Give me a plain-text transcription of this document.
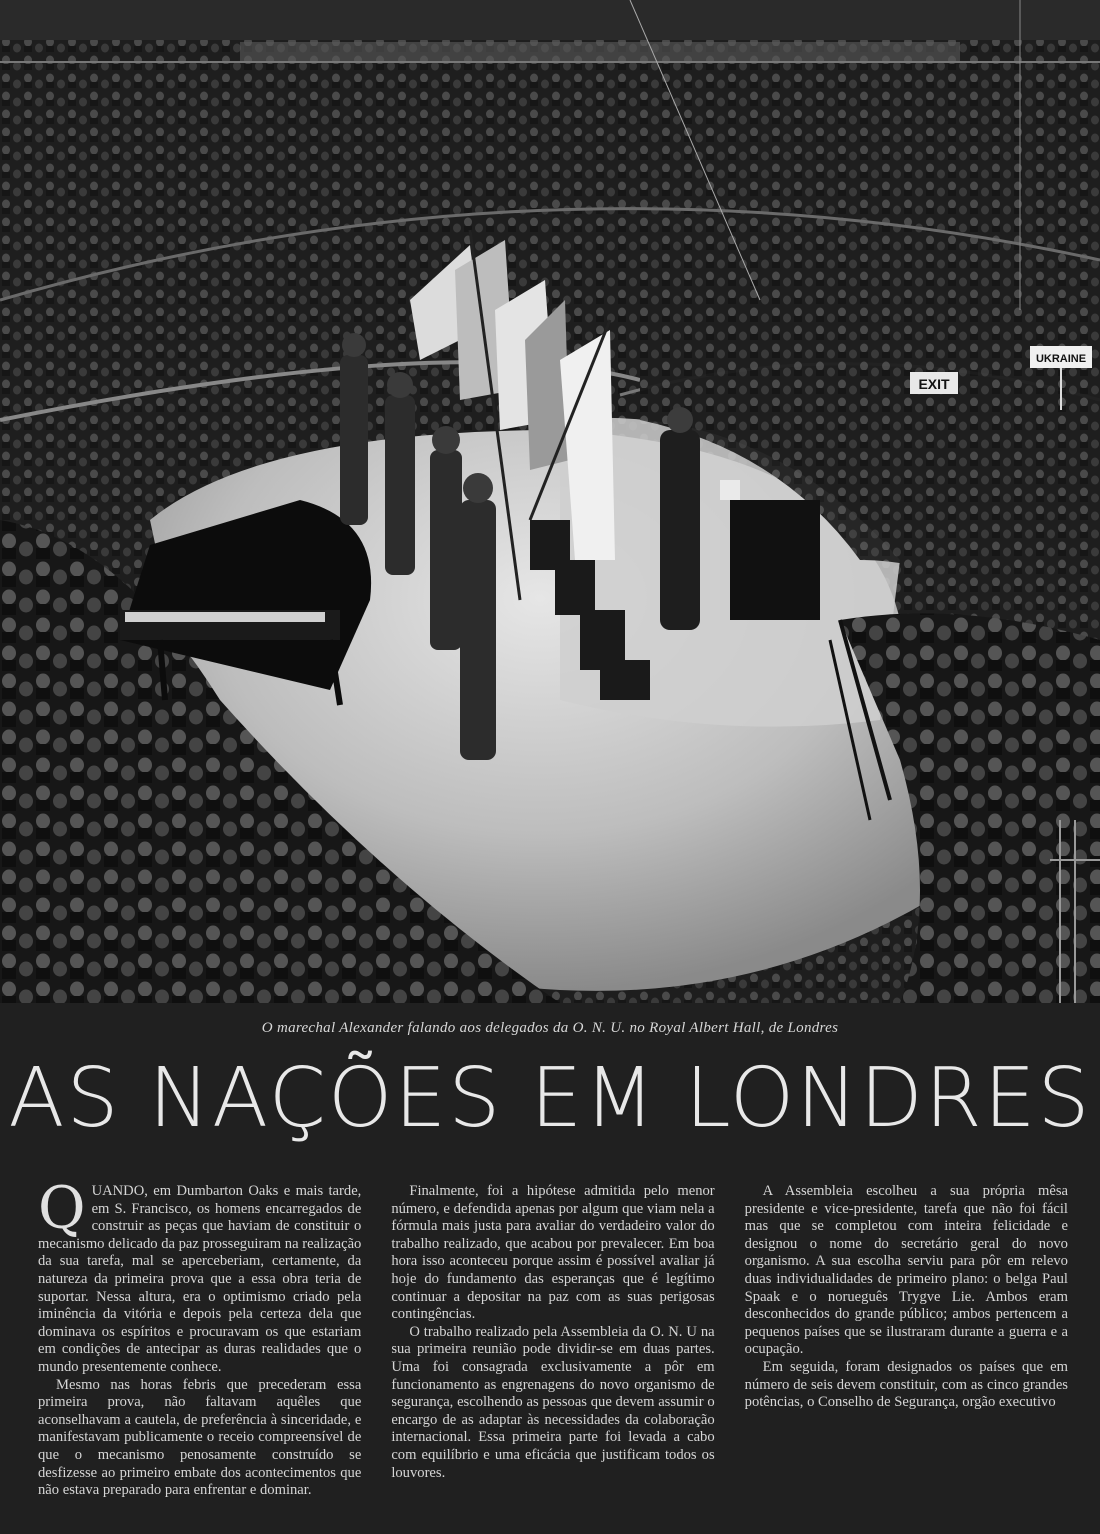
EXIT
UKRAINE
O marechal Alexander falando aos delegados da O. N. U. no Royal Albert Hall, de Londres
AS NAÇÕES EM LONDRES

QUANDO, em Dumbarton Oaks e mais tarde, em S. Francisco, os homens encarregados de construir as peças que haviam de constituir o mecanismo delicado da paz prosseguiram na realização da sua tarefa, mal se aperceberiam, certamente, da natureza da primeira prova que a essa obra teria de suportar. Nessa altura, era o optimismo criado pela iminência da vitória e depois pela certeza dela que dominava os espíritos e procuravam os que estariam em condições de antecipar as duras realidades que o mundo presentemente conhece.

Mesmo nas horas febris que precederam essa primeira prova, não faltavam aquêles que aconselhavam a cautela, de preferência à sinceridade, e manifestavam publicamente o receio compreensível de que o mecanismo penosamente construído se desfizesse ao primeiro embate dos acontecimentos que não estava preparado para enfrentar e dominar.

Finalmente, foi a hipótese admitida pelo menor número, e defendida apenas por algum que viam nela a fórmula mais justa para avaliar do verdadeiro valor do trabalho realizado, que acabou por prevalecer. Em boa hora isso aconteceu porque assim é possível avaliar já hoje do fundamento das esperanças que é legítimo continuar a depositar na paz com as suas perigosas contingências.

O trabalho realizado pela Assembleia da O. N. U na sua primeira reunião pode dividir-se em duas partes. Uma foi consagrada exclusivamente a pôr em funcionamento as engrenagens do novo organismo de segurança, escolhendo as pessoas que devem assumir o encargo de as adaptar às necessidades da colaboração internacional. Essa primeira parte foi levada a cabo com equilíbrio e uma eficácia que justificam todos os louvores.

A Assembleia escolheu a sua própria mêsa presidente e vice-presidente, tarefa que não foi fácil mas que se completou com inteira felicidade e designou o nome do secretário geral do novo organismo. A sua escolha serviu para pôr em relevo duas individualidades de primeiro plano: o belga Paul Spaak e o norueguês Trygve Lie. Ambos eram desconhecidos do grande público; ambos pertencem a pequenos países que se ilustraram durante a guerra e a ocupação.

Em seguida, foram designados os países que em número de seis devem constituir, com as cinco grandes potências, o Conselho de Segurança, orgão executivo
